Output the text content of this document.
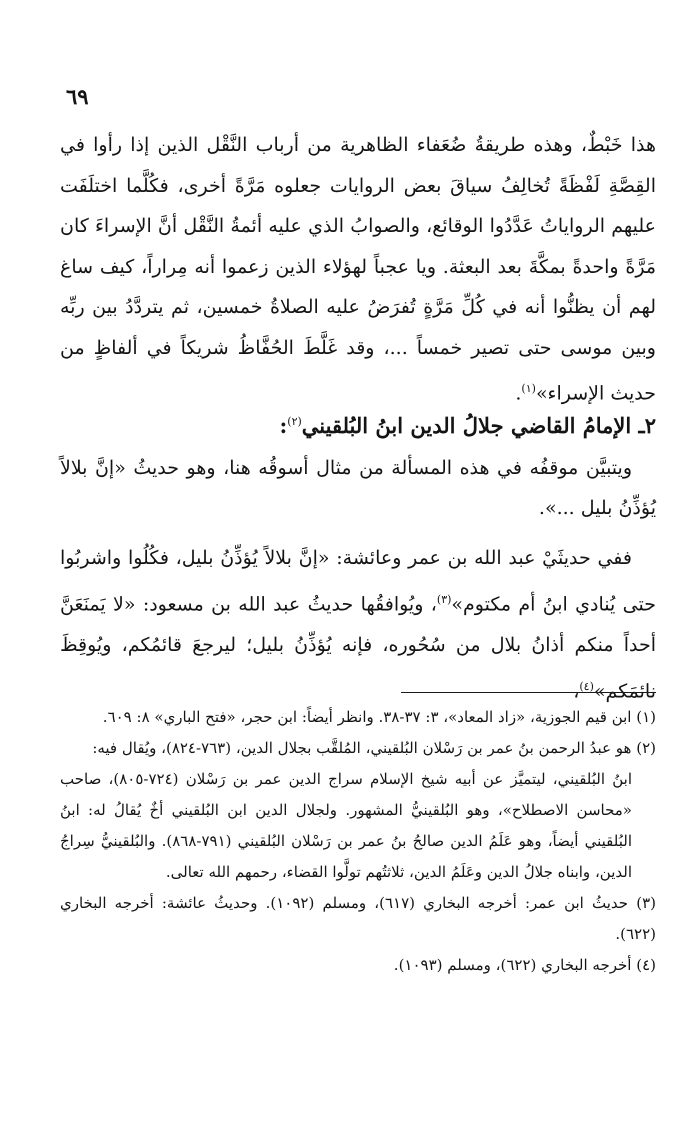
٦٩
هذا خَبْطٌ، وهذه طريقةُ ضُعَفاء الظاهرية من أرباب النَّقْل الذين إذا رأوا في القِصَّةِ لَفْظَةً تُخالِفُ سياقَ بعض الروايات جعلوه مَرَّةً أخرى، فكُلَّما اختلَفَت عليهم الرواياتُ عَدَّدُوا الوقائع، والصوابُ الذي عليه أئمةُ النَّقْل أنَّ الإسراءَ كان مَرَّةً واحدةً بمكَّةَ بعد البعثة. ويا عجباً لهؤلاء الذين زعموا أنه مِراراً، كيف ساغ لهم أن يظنُّوا أنه في كُلِّ مَرَّةٍ تُفرَضُ عليه الصلاةُ خمسين، ثم يتردَّدُ بين ربِّه وبين موسى حتى تصير خمساً ...، وقد غَلَّطَ الحُفَّاظُ شريكاً في ألفاظٍ من حديث الإسراء»$^{(١)}$.
٢ـ الإمامُ القاضي جلالُ الدين ابنُ البُلقيني$^{(٢)}$:
ويتبيَّن موقفُه في هذه المسألة من مثال أسوقُه هنا، وهو حديثُ «إنَّ بلالاً يُؤذِّنُ بليل ...».
ففي حديثَيْ عبد الله بن عمر وعائشة: «إنَّ بلالاً يُؤذِّنُ بليل، فكُلُوا واشربُوا حتى يُنادي ابنُ أم مكتوم»$^{(٣)}$، ويُوافقُها حديثُ عبد الله بن مسعود: «لا يَمنَعَنَّ أحداً منكم أذانُ بلال من سُحُوره، فإنه يُؤذِّنُ بليل؛ ليرجعَ قائمُكم، ويُوقِظَ نائمَكم»$^{(٤)}$،

(١) ابن قيم الجوزية، «زاد المعاد»، ٣: ٣٧-٣٨. وانظر أيضاً: ابن حجر، «فتح الباري» ٨: ٦٠٩.

(٢) هو عبدُ الرحمن بنُ عمر بن رَسْلان البُلقيني، المُلقَّب بجلال الدين، (٧٦٣-٨٢٤)، ويُقال فيه:

ابنُ البُلقيني، ليتميَّز عن أبيه شيخ الإسلام سراج الدين عمر بن رَسْلان (٧٢٤-٨٠٥)، صاحب «محاسن الاصطلاح»، وهو البُلقينيُّ المشهور. ولجلال الدين ابن البُلقيني أخٌ يُقالُ له: ابنُ البُلقيني أيضاً، وهو عَلَمُ الدين صالحُ بنُ عمر بن رَسْلان البُلقيني (٧٩١-٨٦٨). والبُلقينيُّ سِراجُ الدين، وابناه جلالُ الدين وعَلَمُ الدين، ثلاثتُهم تولَّوا القضاء، رحمهم الله تعالى.

(٣) حديثُ ابن عمر: أخرجه البخاري (٦١٧)، ومسلم (١٠٩٢). وحديثُ عائشة: أخرجه البخاري (٦٢٢).

(٤) أخرجه البخاري (٦٢٢)، ومسلم (١٠٩٣).
